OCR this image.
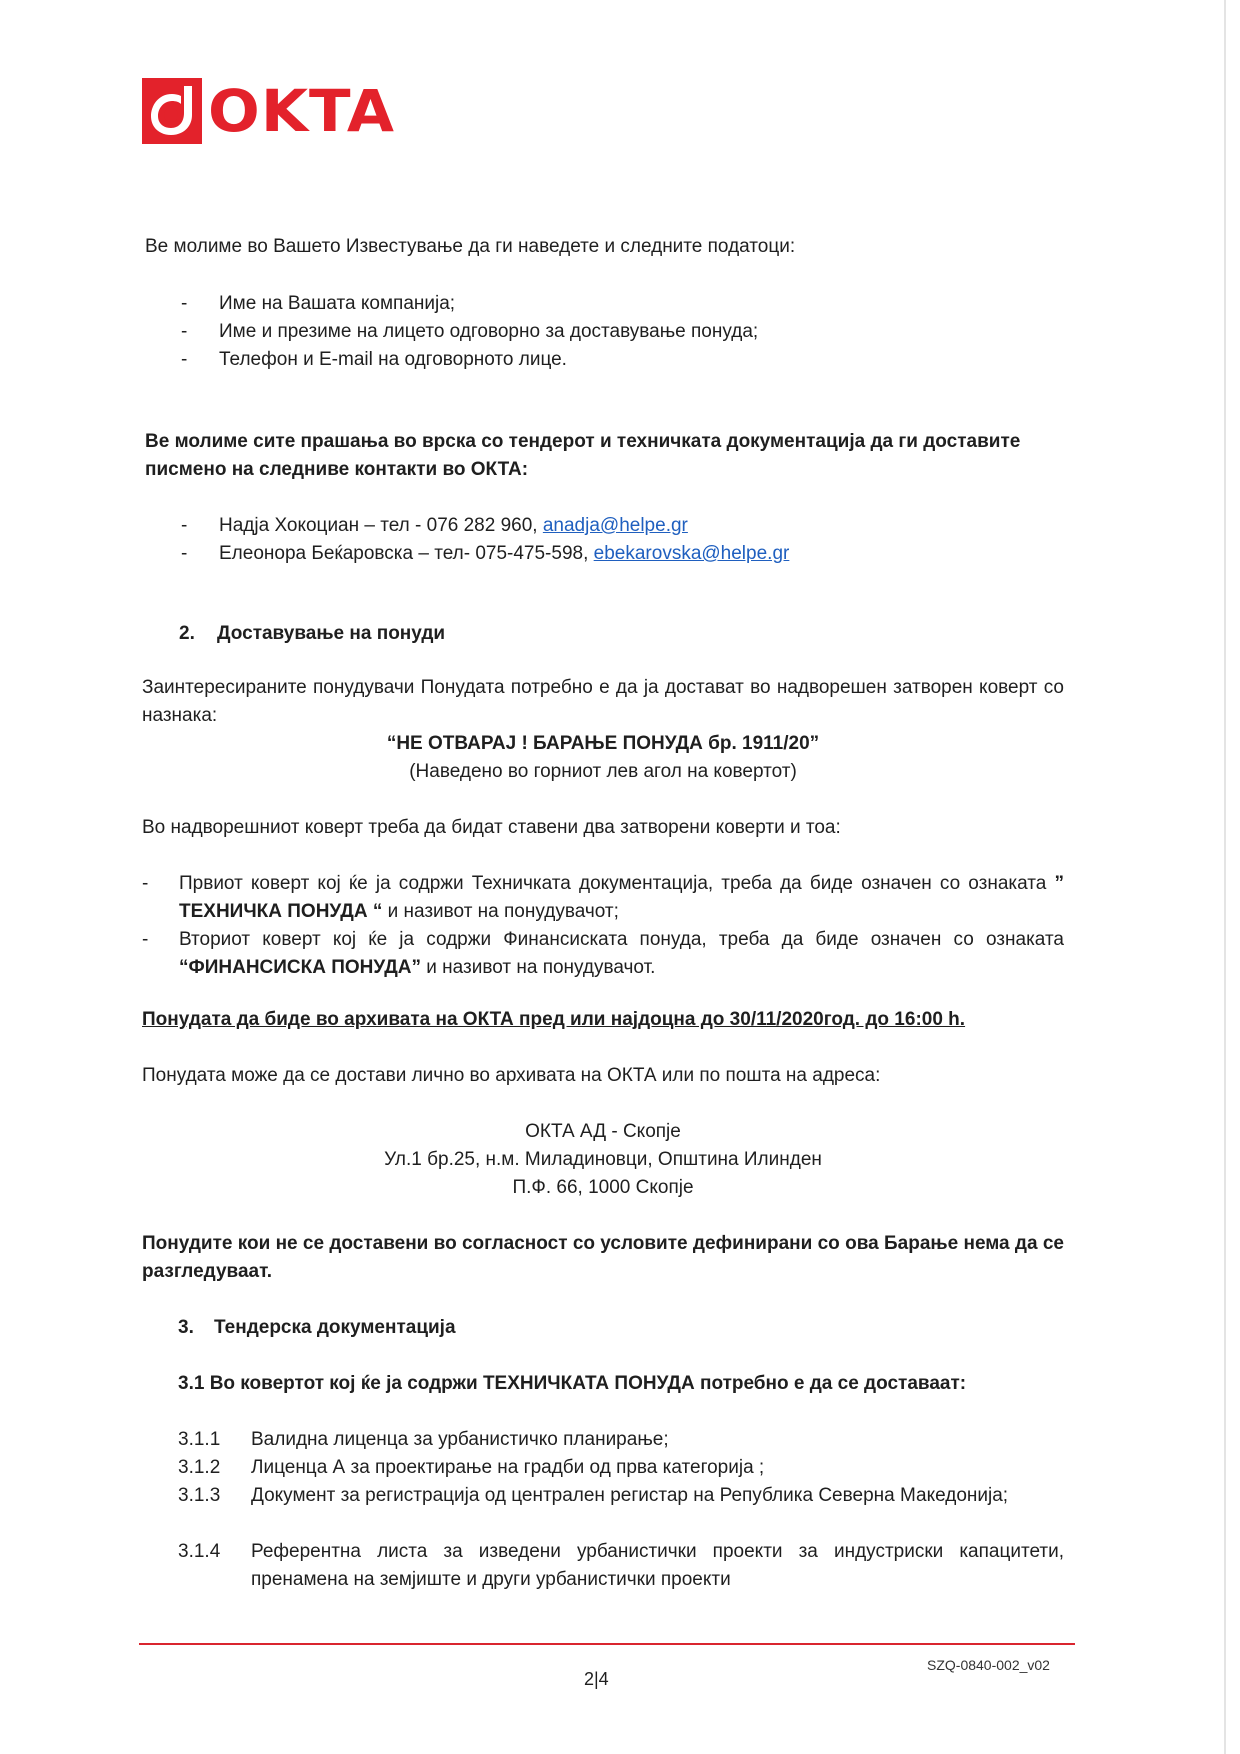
OKTA
Ве молиме во Вашето Известување да ги наведете и следните податоци:
- Име на Вашата компанија;
- Име и презиме на лицето одговорно за доставување понуда;
- Телефон и E-mail на одговорното лице.
Ве молиме сите прашања во врска со тендерот и техничката документација да ги доставите
писмено на следниве контакти во ОКТА:
- Надја Хокоциан – тел - 076 282 960, anadja@helpe.gr
- Елеонора Беќаровска – тел- 075-475-598, ebekarovska@helpe.gr
2. Доставување на понуди
Заинтересираните понудувачи Понудата потребно е да ја достават во надворешен затворен коверт со назнака:
“НЕ ОТВАРАЈ ! БАРАЊЕ ПОНУДА бр. 1911/20”
(Наведено во горниот лев агол на ковертот)
Во надворешниот коверт треба да бидат ставени два затворени коверти и тоа:
- Првиот коверт кој ќе ја содржи Техничката документација, треба да биде означен со ознаката ” ТЕХНИЧКА ПОНУДА “ и називот на понудувачот;
- Вториот коверт кој ќе ја содржи Финансиската понуда, треба да биде означен со ознаката “ФИНАНСИСКА ПОНУДА” и називот на понудувачот.
Понудата да биде во архивата на ОКТА пред или најдоцна до 30/11/2020год. до 16:00 h.
Понудата може да се достави лично во архивата на ОКТА или по пошта на адреса:
ОКТА АД - Скопје
Ул.1 бр.25, н.м. Миладиновци, Општина Илинден
П.Ф. 66, 1000 Скопје
Понудите кои не се доставени во согласност со условите дефинирани со ова Барање нема да се разгледуваат.
3. Тендерска документација
3.1 Во ковертот кој ќе ја содржи ТЕХНИЧКАТА ПОНУДА потребно е да се доставаат:
3.1.1 Валидна лиценца за урбанистичко планирање;
3.1.2 Лиценца А за проектирање на градби од прва категорија ;
3.1.3 Документ за регистрација од централен регистар на Република Северна Македонија;
3.1.4 Референтна листа за изведени урбанистички проекти за индустриски капацитети, пренамена на земјиште и други урбанистички проекти
SZQ-0840-002_v02
2|4
